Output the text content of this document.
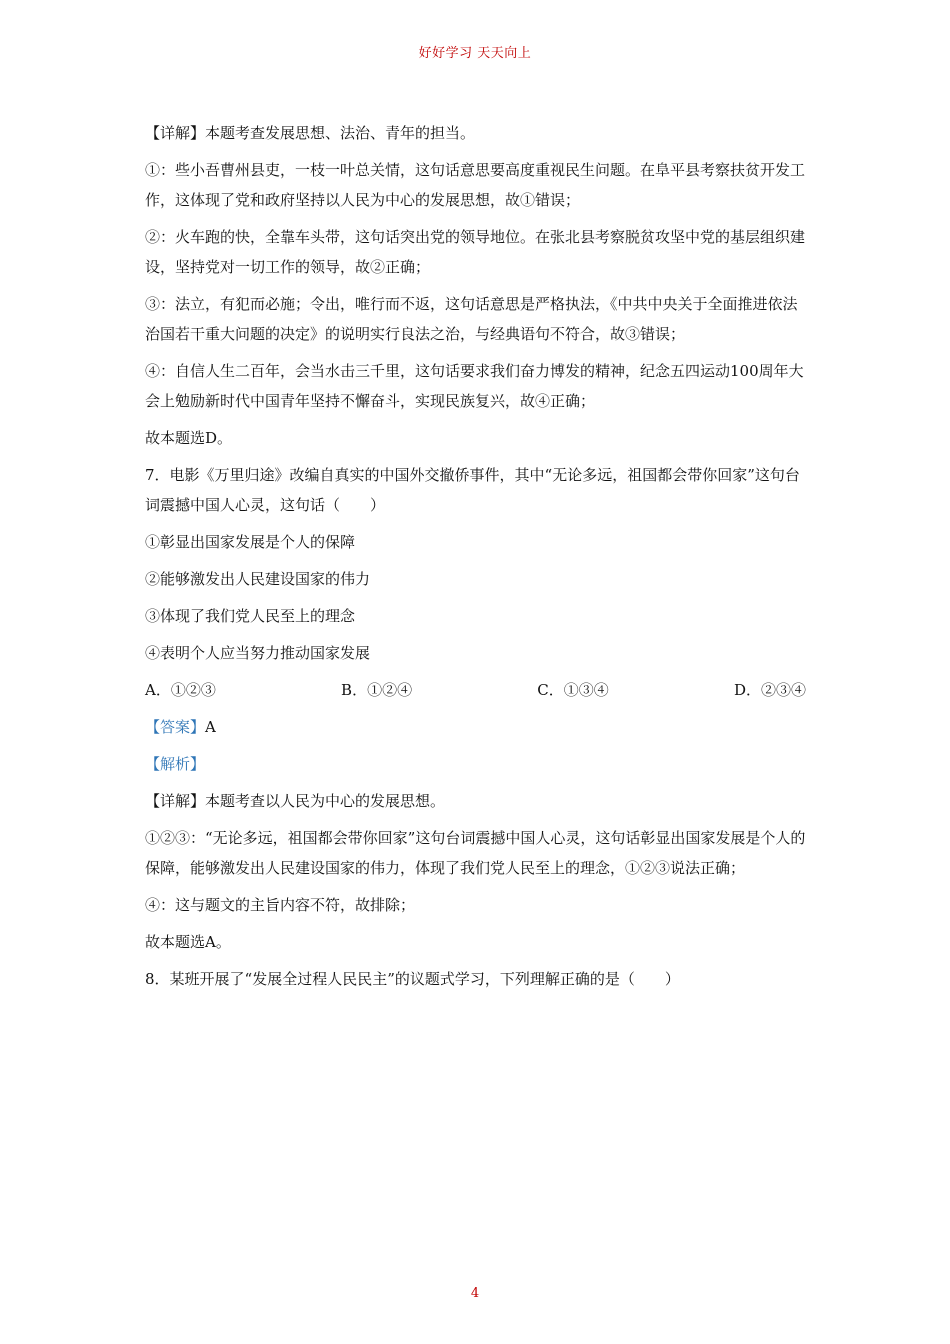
好好学习 天天向上

【详解】本题考查发展思想、法治、青年的担当。

①：些小吾曹州县吏，一枝一叶总关情，这句话意思要高度重视民生问题。在阜平县考察扶贫开发工作，这体现了党和政府坚持以人民为中心的发展思想，故①错误；

②：火车跑的快，全靠车头带，这句话突出党的领导地位。在张北县考察脱贫攻坚中党的基层组织建设，坚持党对一切工作的领导，故②正确；

③：法立，有犯而必施；令出，唯行而不返，这句话意思是严格执法，《中共中央关于全面推进依法治国若干重大问题的决定》的说明实行良法之治，与经典语句不符合，故③错误；

④：自信人生二百年，会当水击三千里，这句话要求我们奋力博发的精神，纪念五四运动100周年大会上勉励新时代中国青年坚持不懈奋斗，实现民族复兴，故④正确；

故本题选D。

7．电影《万里归途》改编自真实的中国外交撤侨事件，其中“无论多远，祖国都会带你回家”这句台词震撼中国人心灵，这句话（　　）

①彰显出国家发展是个人的保障

②能够激发出人民建设国家的伟力

③体现了我们党人民至上的理念

④表明个人应当努力推动国家发展

A．①②③	B．①②④	C．①③④	D．②③④

【答案】A

【解析】

【详解】本题考查以人民为中心的发展思想。

①②③：“无论多远，祖国都会带你回家”这句台词震撼中国人心灵，这句话彰显出国家发展是个人的保障，能够激发出人民建设国家的伟力，体现了我们党人民至上的理念，①②③说法正确；

④：这与题文的主旨内容不符，故排除；

故本题选A。

8．某班开展了“发展全过程人民民主”的议题式学习，下列理解正确的是（　　）

4
